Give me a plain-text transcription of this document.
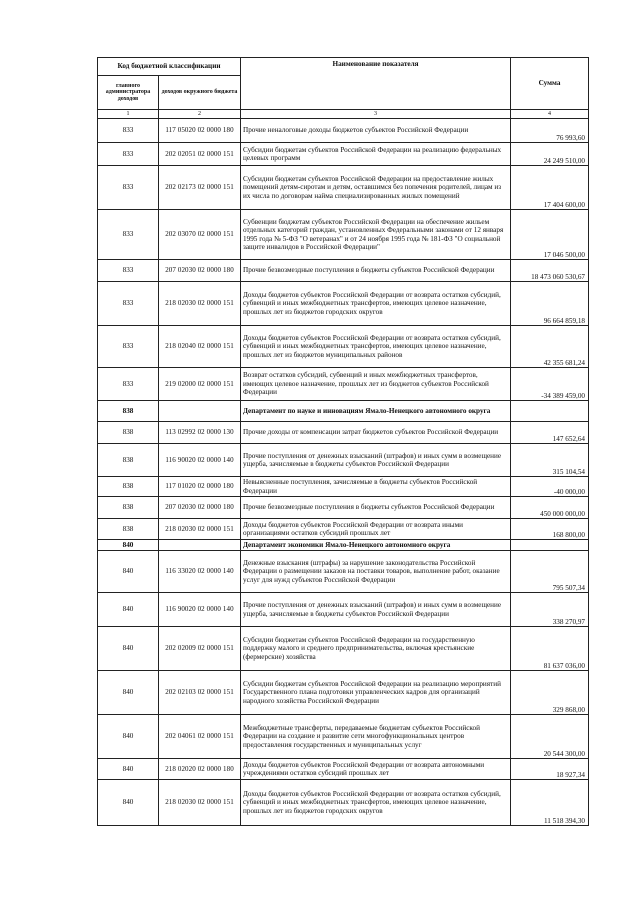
Код бюджетной классификации		Наименование показателя	Сумма
главного администратора доходов	доходов окружного бюджета		
1	2	3	4
833	117 05020 02 0000 180	Прочие неналоговые доходы бюджетов субъектов Российской Федерации	76 993,60
833	202 02051 02 0000 151	Субсидии бюджетам субъектов Российской Федерации на реализацию федеральных целевых программ	24 249 510,00
833	202 02173 02 0000 151	Субсидии бюджетам субъектов Российской Федерации на предоставление жилых помещений детям-сиротам и детям, оставшимся без попечения родителей, лицам из их числа по договорам найма специализированных жилых помещений	17 404 600,00
833	202 03070 02 0000 151	Субвенции бюджетам субъектов Российской Федерации на обеспечение жильем отдельных категорий граждан, установленных Федеральными законами от 12 января 1995 года № 5-ФЗ "О ветеранах" и от 24 ноября 1995 года № 181-ФЗ "О социальной защите инвалидов в Российской Федерации"	17 046 500,00
833	207 02030 02 0000 180	Прочие безвозмездные поступления в бюджеты субъектов Российской Федерации	18 473 060 530,67
833	218 02030 02 0000 151	Доходы бюджетов субъектов Российской Федерации от возврата остатков субсидий, субвенций и иных межбюджетных трансфертов, имеющих целевое назначение, прошлых лет из бюджетов городских округов	96 664 859,18
833	218 02040 02 0000 151	Доходы бюджетов субъектов Российской Федерации от возврата остатков субсидий, субвенций и иных межбюджетных трансфертов, имеющих целевое назначение, прошлых лет из бюджетов муниципальных районов	42 355 681,24
833	219 02000 02 0000 151	Возврат остатков субсидий, субвенций и иных межбюджетных трансфертов, имеющих целевое назначение, прошлых лет из бюджетов субъектов Российской Федерации	-34 389 459,00
838		Департамент по науке и инновациям Ямало-Ненецкого автономного округа	
838	113 02992 02 0000 130	Прочие доходы от компенсации затрат бюджетов субъектов Российской Федерации	147 652,64
838	116 90020 02 0000 140	Прочие поступления от денежных взысканий (штрафов) и иных сумм в возмещение ущерба, зачисляемые в бюджеты субъектов Российской Федерации	315 104,54
838	117 01020 02 0000 180	Невыясненные поступления, зачисляемые в бюджеты субъектов Российской Федерации	-40 000,00
838	207 02030 02 0000 180	Прочие безвозмездные поступления в бюджеты субъектов Российской Федерации	450 000 000,00
838	218 02030 02 0000 151	Доходы бюджетов субъектов Российской Федерации от возврата иными организациями остатков субсидий прошлых лет	168 800,00
840		Департамент экономики Ямало-Ненецкого автономного округа	
840	116 33020 02 0000 140	Денежные взыскания (штрафы) за нарушение законодательства Российской Федерации о размещении заказов на поставки товаров, выполнение работ, оказание услуг для нужд субъектов Российской Федерации	795 507,34
840	116 90020 02 0000 140	Прочие поступления от денежных взысканий (штрафов) и иных сумм в возмещение ущерба, зачисляемые в бюджеты субъектов Российской Федерации	338 270,97
840	202 02009 02 0000 151	Субсидии бюджетам субъектов Российской Федерации на государственную поддержку малого и среднего предпринимательства, включая крестьянские (фермерские) хозяйства	81 637 036,00
840	202 02103 02 0000 151	Субсидии бюджетам субъектов Российской Федерации на реализацию мероприятий Государственного плана подготовки управленческих кадров для организаций народного хозяйства Российской Федерации	329 868,00
840	202 04061 02 0000 151	Межбюджетные трансферты, передаваемые бюджетам субъектов Российской Федерации на создание и развитие сети многофункциональных центров предоставления государственных и муниципальных услуг	20 544 300,00
840	218 02020 02 0000 180	Доходы бюджетов субъектов Российской Федерации от возврата автономными учреждениями остатков субсидий прошлых лет	18 927,34
840	218 02030 02 0000 151	Доходы бюджетов субъектов Российской Федерации от возврата остатков субсидий, субвенций и иных межбюджетных трансфертов, имеющих целевое назначение, прошлых лет из бюджетов городских округов	11 518 394,30
